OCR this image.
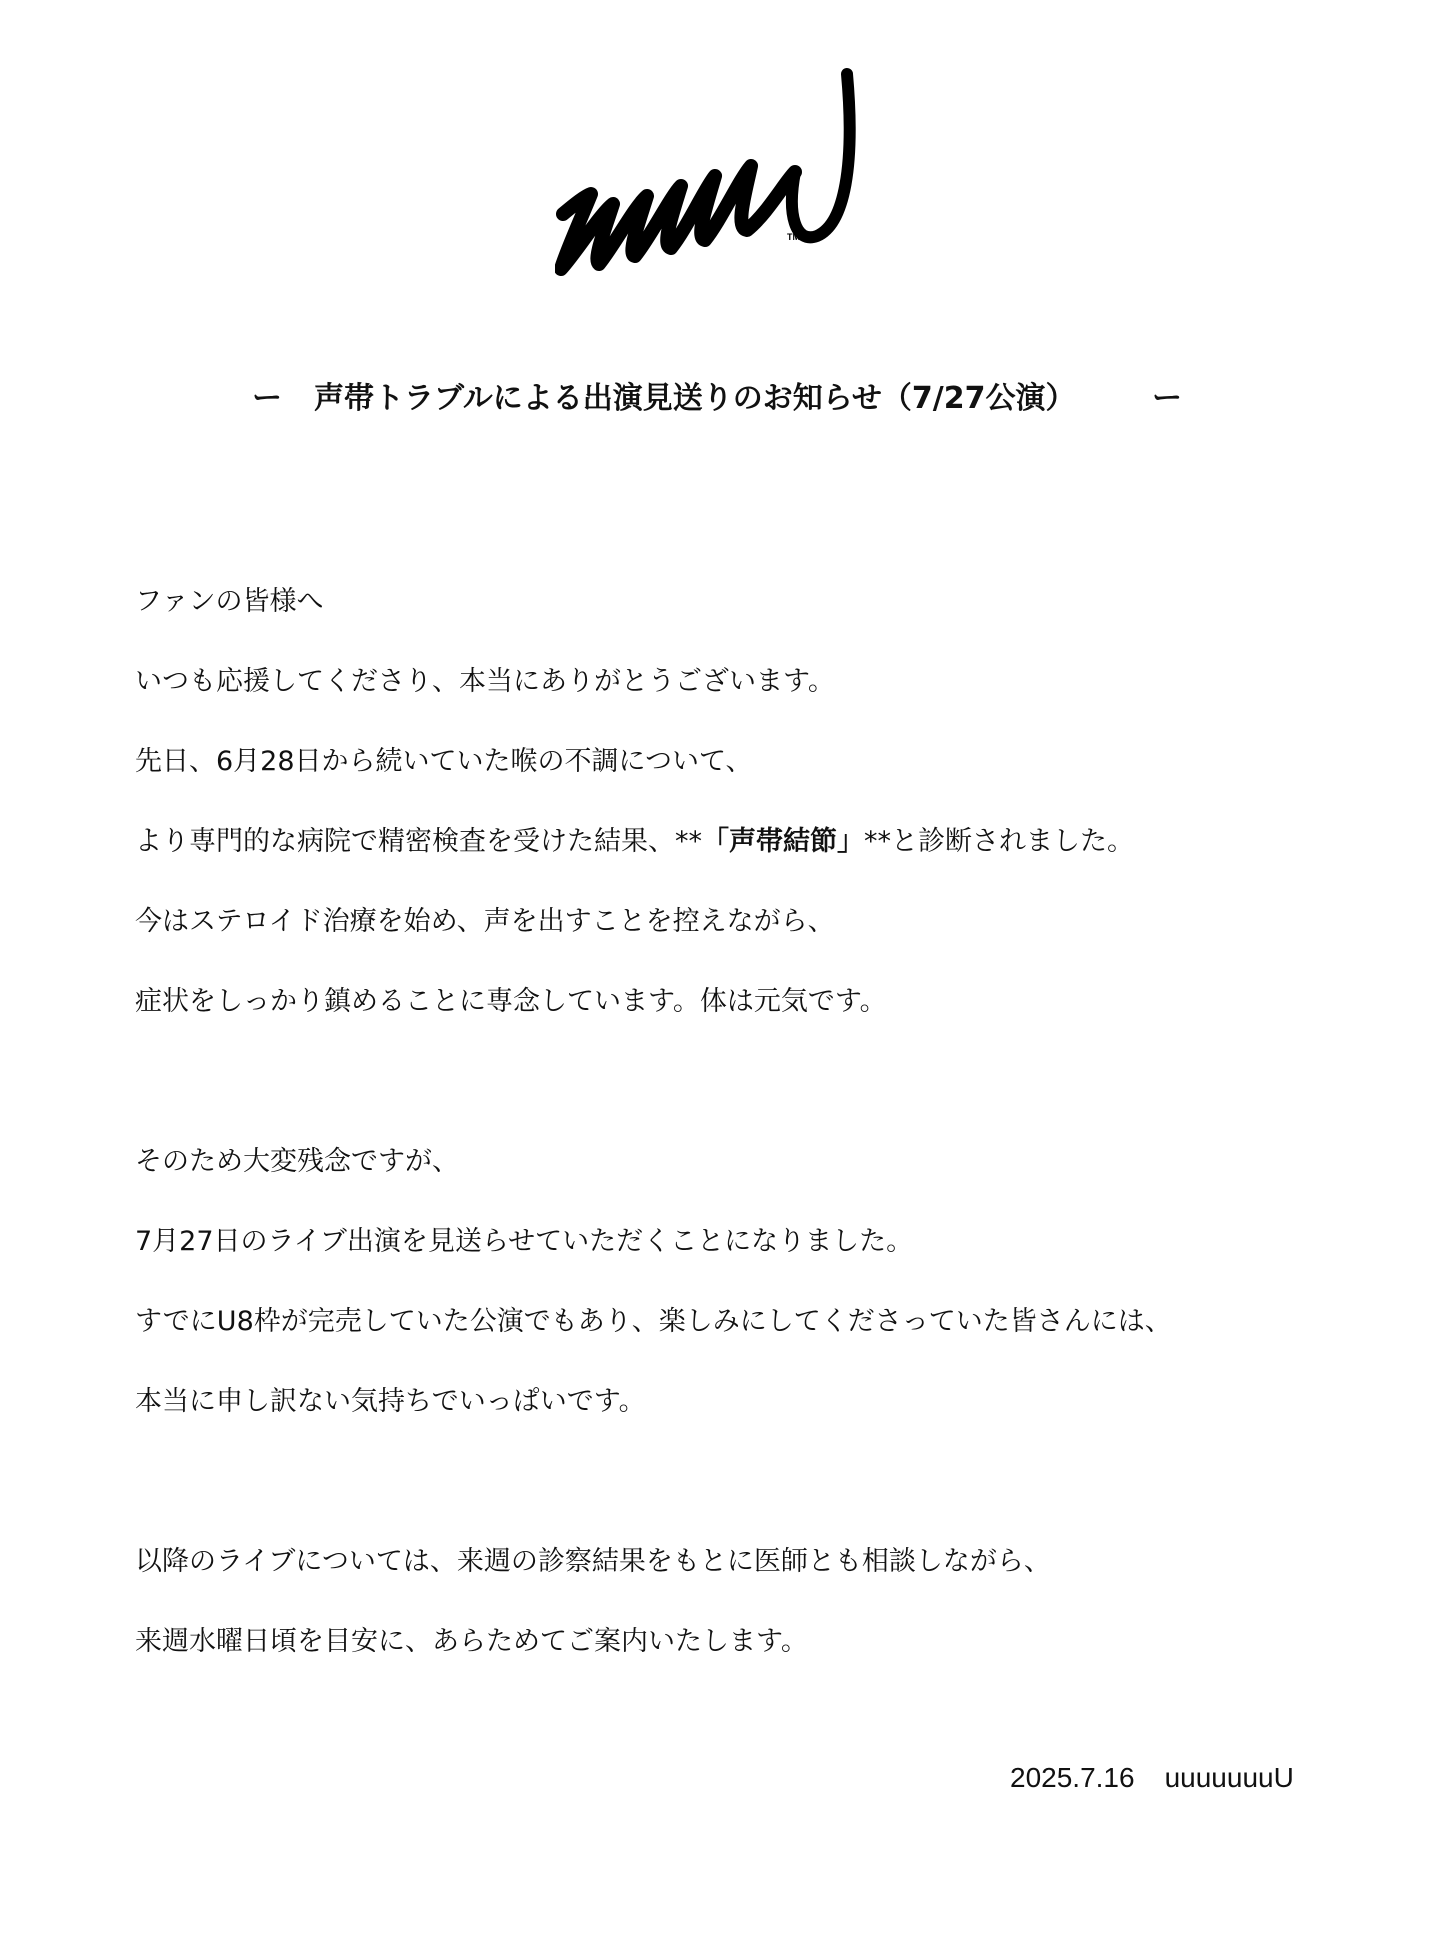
TM
ー 声帯トラブルによる出演見送りのお知らせ（7/27公演）	ー
ファンの皆様へ
いつも応援してくださり、本当にありがとうございます。
先日、6月28日から続いていた喉の不調について、
より専門的な病院で精密検査を受けた結果、**「声帯結節」**と診断されました。
今はステロイド治療を始め、声を出すことを控えながら、
症状をしっかり鎮めることに専念しています。体は元気です。
そのため大変残念ですが、
7月27日のライブ出演を見送らせていただくことになりました。
すでにU8枠が完売していた公演でもあり、楽しみにしてくださっていた皆さんには、
本当に申し訳ない気持ちでいっぱいです。
以降のライブについては、来週の診察結果をもとに医師とも相談しながら、
来週水曜日頃を目安に、あらためてご案内いたします。
2025.7.16 uuuuuuuU
